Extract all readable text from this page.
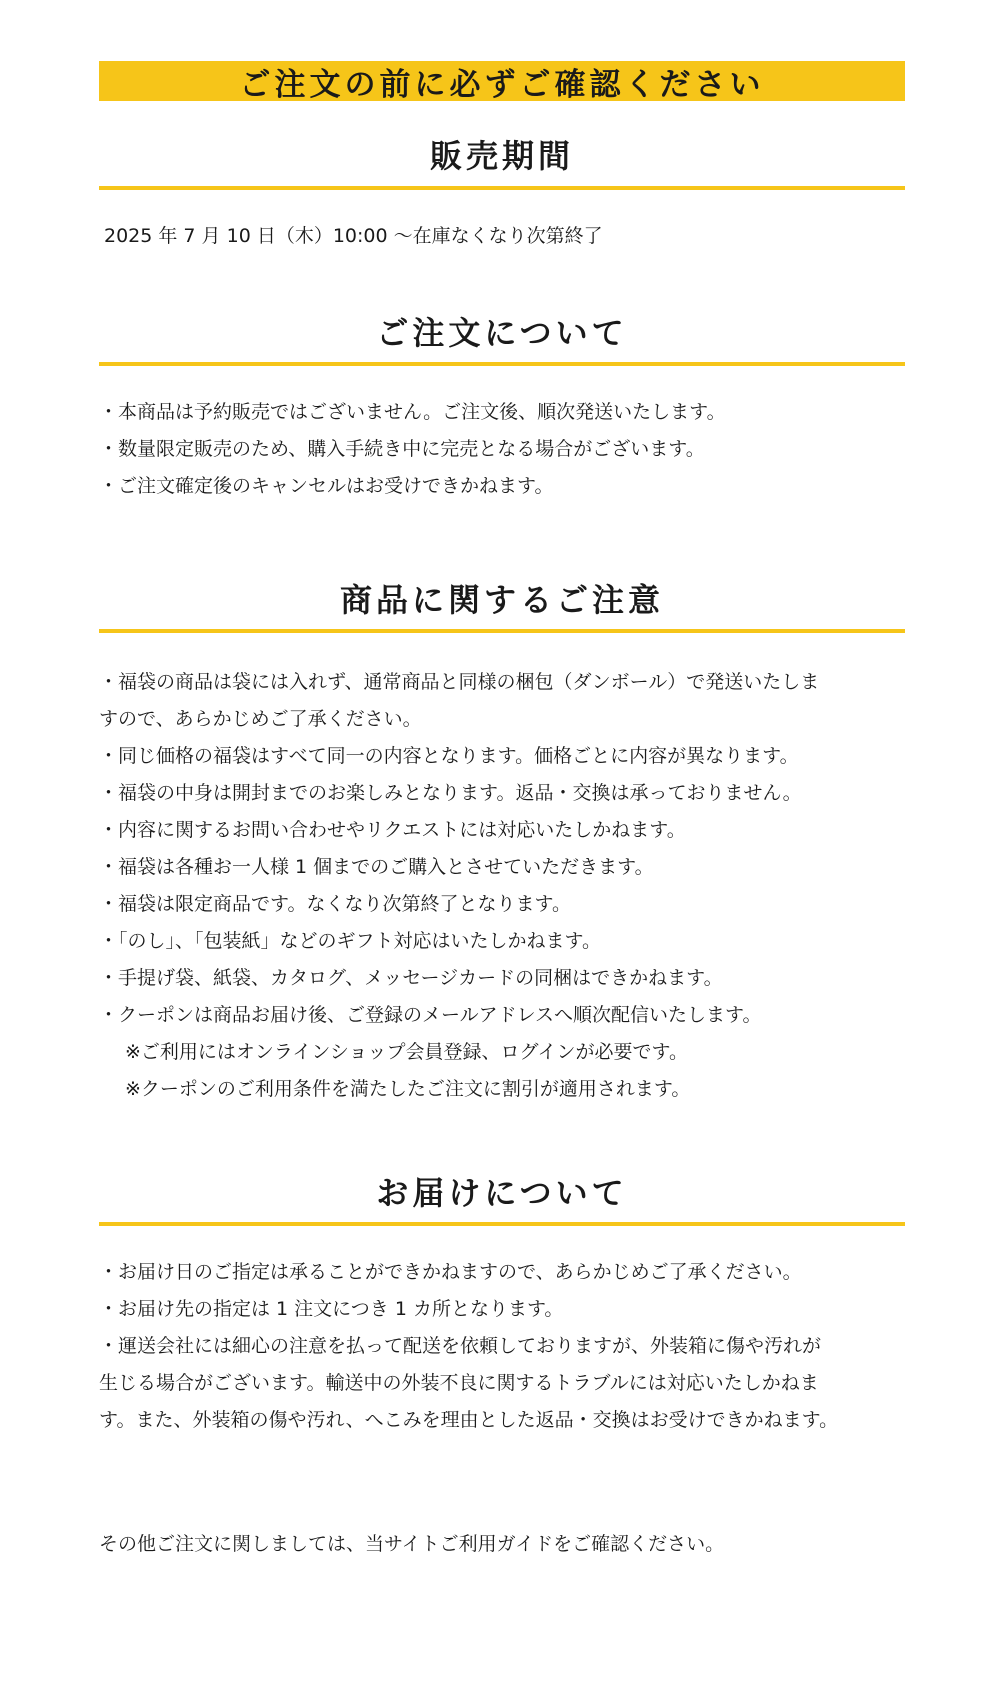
ご注文の前に必ずご確認ください
販売期間
2025 年 7 月 10 日（木）10:00 ～在庫なくなり次第終了
ご注文について
・本商品は予約販売ではございません。ご注文後、順次発送いたします。
・数量限定販売のため、購入手続き中に完売となる場合がございます。
・ご注文確定後のキャンセルはお受けできかねます。
商品に関するご注意
・福袋の商品は袋には入れず、通常商品と同様の梱包（ダンボール）で発送いたしま
すので、あらかじめご了承ください。
・同じ価格の福袋はすべて同一の内容となります。価格ごとに内容が異なります。
・福袋の中身は開封までのお楽しみとなります。返品・交換は承っておりません。
・内容に関するお問い合わせやリクエストには対応いたしかねます。
・福袋は各種お一人様 1 個までのご購入とさせていただきます。
・福袋は限定商品です。なくなり次第終了となります。
・「のし」、「包装紙」などのギフト対応はいたしかねます。
・手提げ袋、紙袋、カタログ、メッセージカードの同梱はできかねます。
・クーポンは商品お届け後、ご登録のメールアドレスへ順次配信いたします。
※ご利用にはオンラインショップ会員登録、ログインが必要です。
※クーポンのご利用条件を満たしたご注文に割引が適用されます。
お届けについて
・お届け日のご指定は承ることができかねますので、あらかじめご了承ください。
・お届け先の指定は 1 注文につき 1 カ所となります。
・運送会社には細心の注意を払って配送を依頼しておりますが、外装箱に傷や汚れが
生じる場合がございます。輸送中の外装不良に関するトラブルには対応いたしかねま
す。また、外装箱の傷や汚れ、へこみを理由とした返品・交換はお受けできかねます。
その他ご注文に関しましては、当サイトご利用ガイドをご確認ください。
